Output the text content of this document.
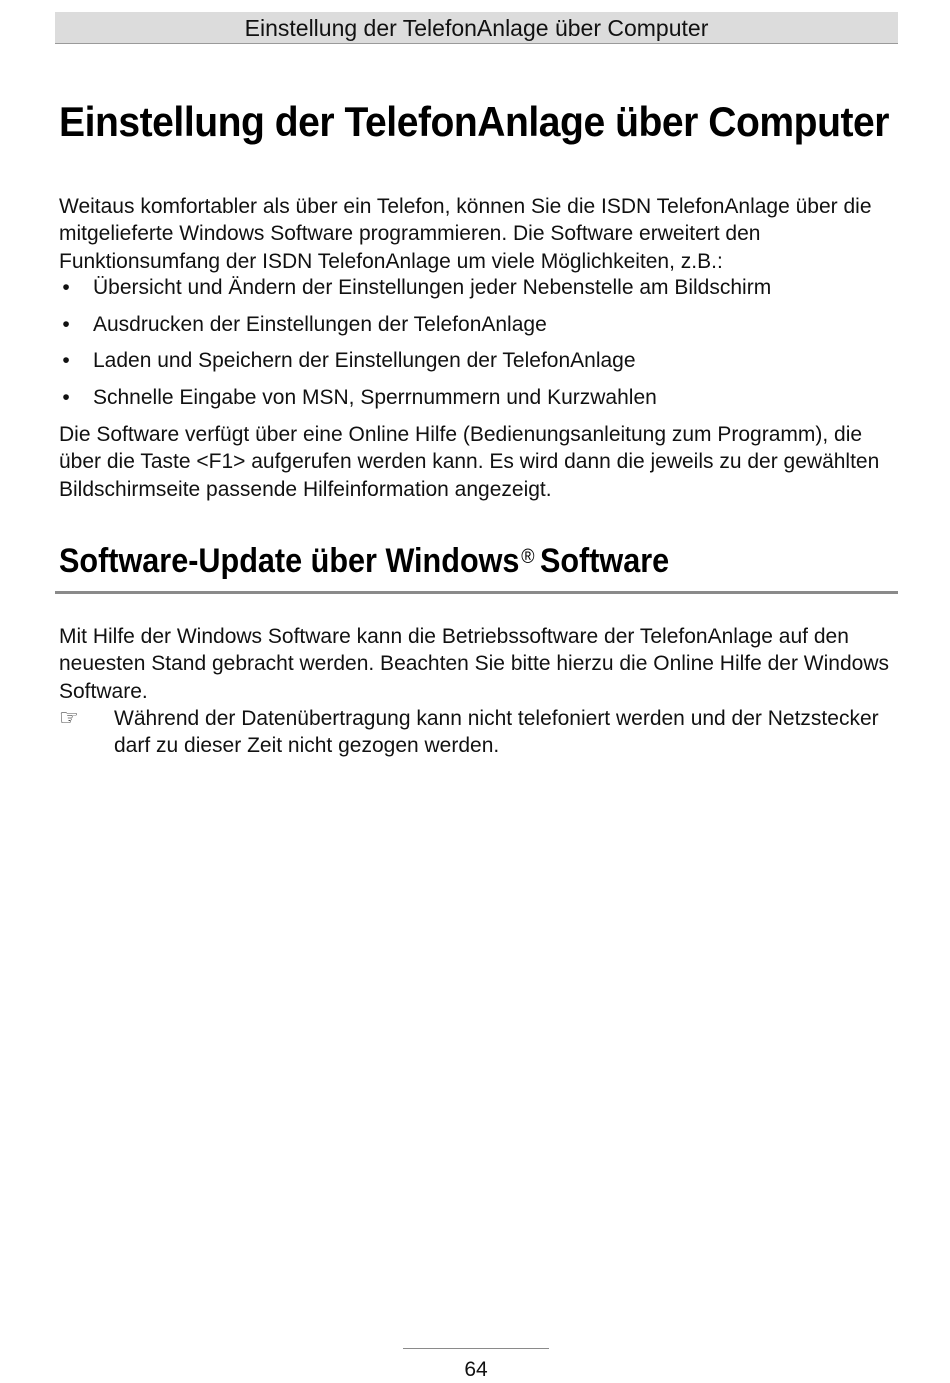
Einstellung der TelefonAnlage über Computer
Einstellung der TelefonAnlage über Computer

Weitaus komfortabler als über ein Telefon, können Sie die ISDN TelefonAnlage über die mitgelieferte Windows Software programmieren. Die Software erweitert den Funktionsumfang der ISDN TelefonAnlage um viele Möglichkeiten, z.B.:

• Übersicht und Ändern der Einstellungen jeder Nebenstelle am Bildschirm
• Ausdrucken der Einstellungen der TelefonAnlage
• Laden und Speichern der Einstellungen der TelefonAnlage
• Schnelle Eingabe von MSN, Sperrnummern und Kurzwahlen

Die Software verfügt über eine Online Hilfe (Bedienungsanleitung zum Programm), die über die Taste <F1> aufgerufen werden kann. Es wird dann die jeweils zu der gewählten Bildschirmseite passende Hilfeinformation angezeigt.

Software-Update über Windows® Software

Mit Hilfe der Windows Software kann die Betriebssoftware der TelefonAnlage auf den neuesten Stand gebracht werden. Beachten Sie bitte hierzu die Online Hilfe der Windows Software.

☞	Während der Datenübertragung kann nicht telefoniert werden und der Netzstecker darf zu dieser Zeit nicht gezogen werden.
64
